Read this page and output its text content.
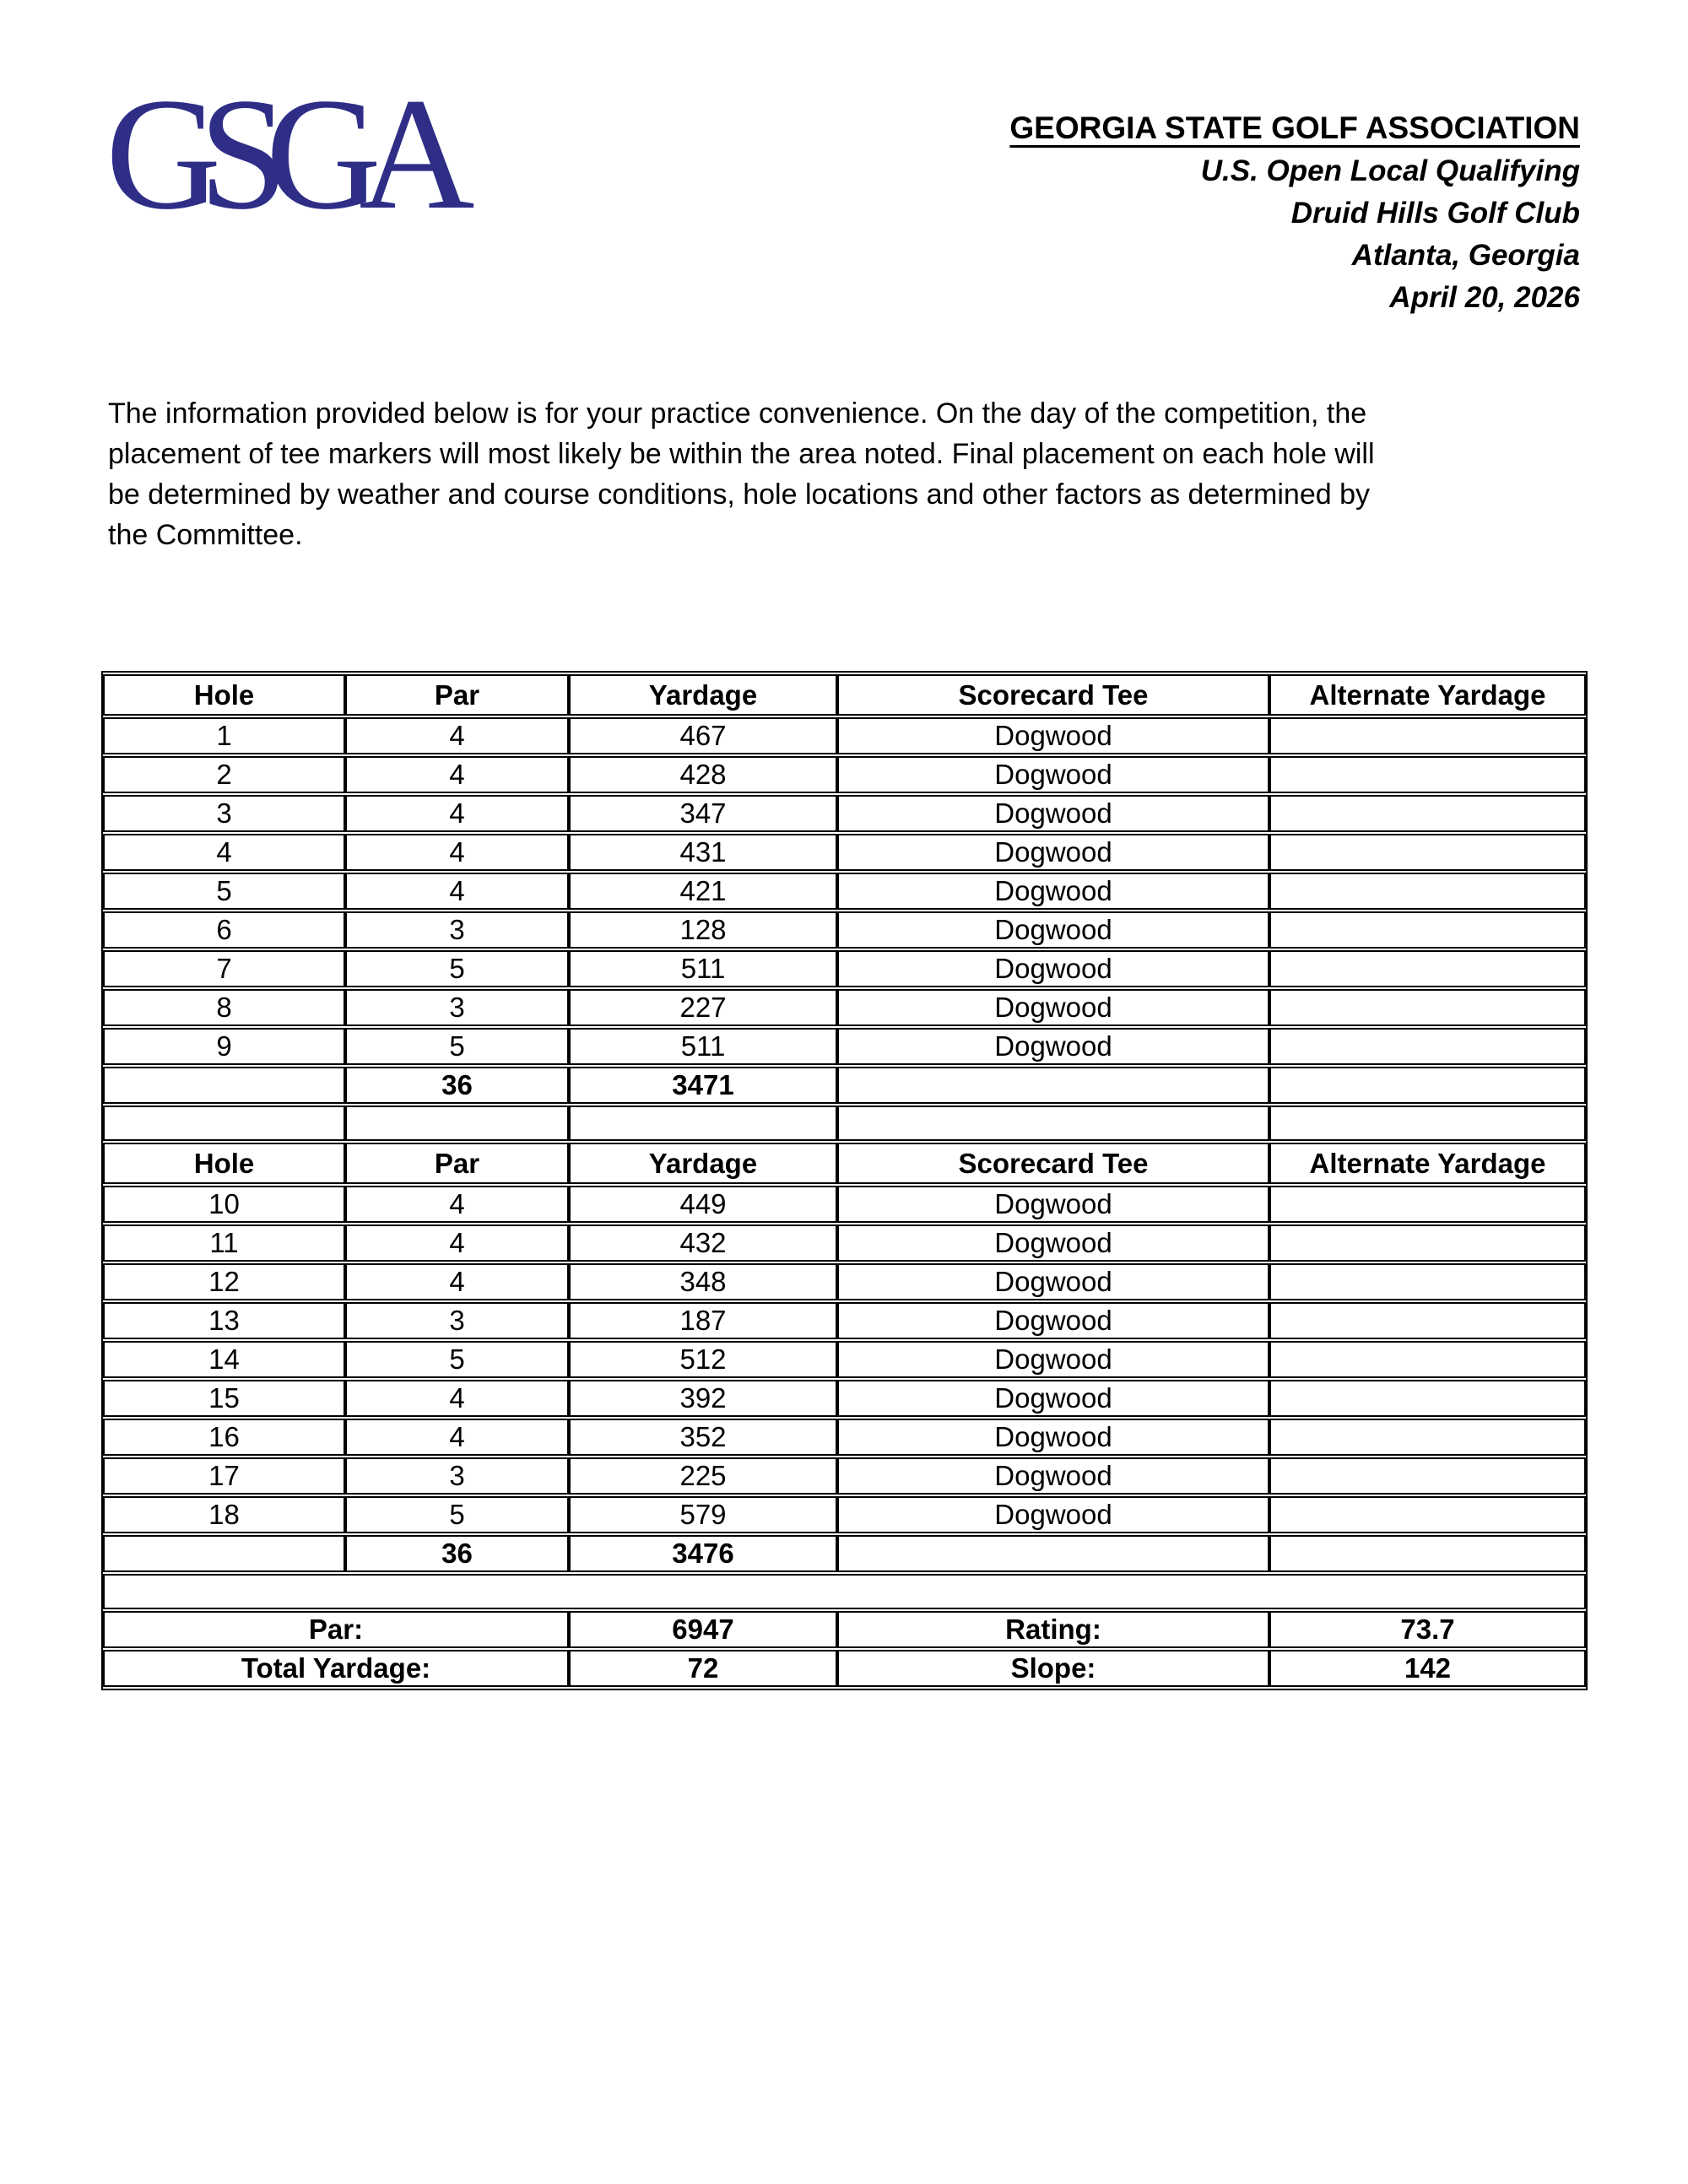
GSGA	GEORGIA STATE GOLF ASSOCIATION
U.S. Open Local Qualifying
Druid Hills Golf Club
Atlanta, Georgia
April 20, 2026
The information provided below is for your practice convenience. On the day of the competition, the
placement of tee markers will most likely be within the area noted. Final placement on each hole will
be determined by weather and course conditions, hole locations and other factors as determined by
the Committee.
Hole	Par	Yardage	Scorecard Tee	Alternate Yardage
1	4	467	Dogwood	
2	4	428	Dogwood	
3	4	347	Dogwood	
4	4	431	Dogwood	
5	4	421	Dogwood	
6	3	128	Dogwood	
7	5	511	Dogwood	
8	3	227	Dogwood	
9	5	511	Dogwood	
	36	3471		

Hole	Par	Yardage	Scorecard Tee	Alternate Yardage
10	4	449	Dogwood	
11	4	432	Dogwood	
12	4	348	Dogwood	
13	3	187	Dogwood	
14	5	512	Dogwood	
15	4	392	Dogwood	
16	4	352	Dogwood	
17	3	225	Dogwood	
18	5	579	Dogwood	
	36	3476		

Par:		6947	Rating:	73.7
Total Yardage:		72	Slope:	142
